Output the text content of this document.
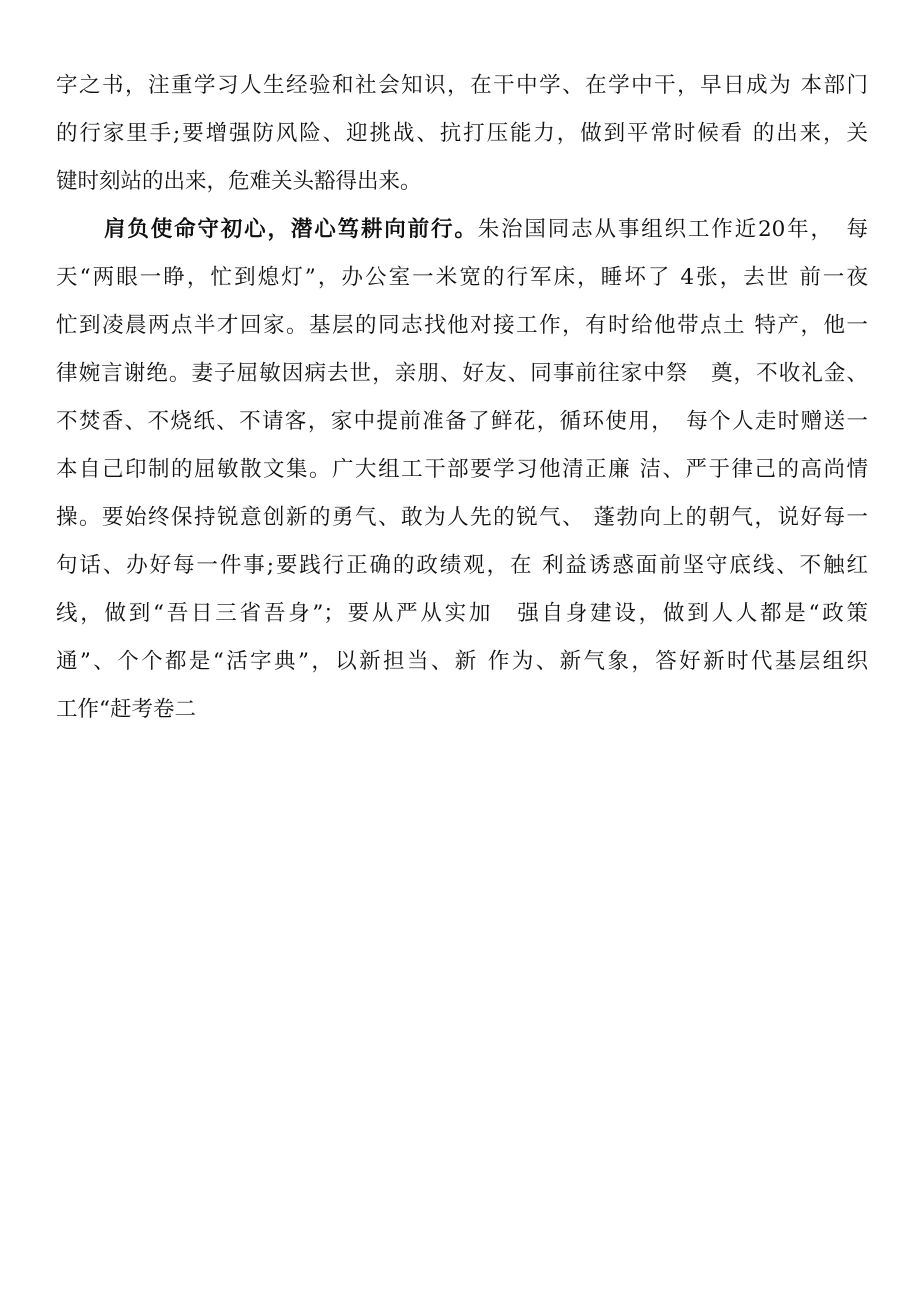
字之书，注重学习人生经验和社会知识，在干中学、在学中干，早日成为 本部门
的行家里手;要增强防风险、迎挑战、抗打压能力，做到平常时候看 的出来，关
键时刻站的出来，危难关头豁得出来。
肩负使命守初心，潜心笃耕向前行。朱治国同志从事组织工作近20年，　每
天“两眼一睁，忙到熄灯”，办公室一米宽的行军床，睡坏了 4张，去世 前一夜
忙到凌晨两点半才回家。基层的同志找他对接工作，有时给他带点土 特产，他一
律婉言谢绝。妻子屈敏因病去世，亲朋、好友、同事前往家中祭　奠，不收礼金、
不焚香、不烧纸、不请客，家中提前准备了鲜花，循环使用，　每个人走时赠送一
本自己印制的屈敏散文集。广大组工干部要学习他清正廉 洁、严于律己的高尚情
操。要始终保持锐意创新的勇气、敢为人先的锐气、 蓬勃向上的朝气，说好每一
句话、办好每一件事;要践行正确的政绩观，在 利益诱惑面前坚守底线、不触红
线，做到“吾日三省吾身”；要从严从实加　强自身建设，做到人人都是“政策
通”、个个都是“活字典”，以新担当、新 作为、新气象，答好新时代基层组织
工作“赶考卷二
